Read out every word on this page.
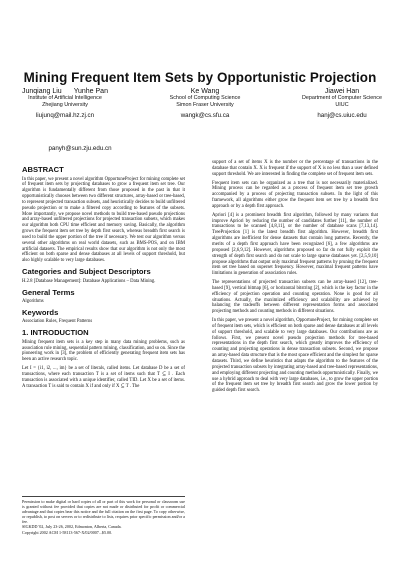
Mining Frequent Item Sets by Opportunistic Projection
Junqiang Liu Yunhe Pan
Institute of Artificial Intelligence
Zhejiang University
liujunq@mail.hz.zj.cn
Ke Wang
School of Computing Science
Simon Fraser University
wangk@cs.sfu.ca
Jiawei Han
Department of Computer Science
UIUC
hanj@cs.uiuc.edu
panyh@sun.zju.edu.cn
ABSTRACT

In this paper, we present a novel algorithm OpportuneProject for mining complete set of frequent item sets by projecting databases to grow a frequent item set tree. Our algorithm is fundamentally different from those proposed in the past in that it opportunistically chooses between two different structures, array-based or tree-based, to represent projected transaction subsets, and heuristically decides to build unfiltered pseudo projection or to make a filtered copy according to features of the subsets. More importantly, we propose novel methods to build tree-based pseudo projections and array-based unfiltered projections for projected transaction subsets, which makes our algorithm both CPU time efficient and memory saving. Basically, the algorithm grows the frequent item set tree by depth first search, whereas breadth first search is used to build the upper portion of the tree if necessary. We test our algorithm versus several other algorithms on real world datasets, such as BMS-POS, and on IBM artificial datasets. The empirical results show that our algorithm is not only the most efficient on both sparse and dense databases at all levels of support threshold, but also highly scalable to very large databases.

Categories and Subject Descriptors

H.2.8 [Database Management]: Database Applications – Data Mining.

General Terms

Algorithms

Keywords

Association Rules, Frequent Patterns

1. INTRODUCTION

Mining frequent item sets is a key step in many data mining problems, such as association rule mining, sequential pattern mining, classification, and so on. Since the pioneering work in [3], the problem of efficiently generating frequent item sets has been an active research topic.

Let I = {i1, i2, ..., im} be a set of literals, called items. Let database D be a set of transactions, where each transaction T is a set of items such that T ⊆ I . Each transaction is associated with a unique identifier, called TID. Let X be a set of items. A transaction T is said to contain X if and only if X ⊆ T . The

Permission to make digital or hard copies of all or part of this work for personal or classroom use is granted without fee provided that copies are not made or distributed for profit or commercial advantage and that copies bear this notice and the full citation on the first page. To copy otherwise, or republish, to post on servers or to redistribute to lists, requires prior specific permission and/or a fee.

SIGKDD '02, July 23-26, 2002, Edmonton, Alberta, Canada.

Copyright 2002 ACM 1-58113-567-X/02/0007...$5.00.

support of a set of items X is the number or the percentage of transactions in the database that contain X. X is frequent if the support of X is no less than a user defined support threshold. We are interested in finding the complete set of frequent item sets.

Frequent item sets can be organized as a tree that is not necessarily materialized. Mining process can be regarded as a process of frequent item set tree growth accompanied by a process of projecting transaction subsets. In the light of this framework, all algorithms either grow the frequent item set tree by a breadth first approach or by a depth first approach.

Apriori [4] is a prominent breadth first algorithm, followed by many variants that improve Apriori by reducing the number of candidates further [11], the number of transactions to be scanned [4,8,11], or the number of database scans [7,13,14]. TreeProjection [1] is the latest breadth first algorithm. However, breadth first algorithms are inefficient for dense datasets that contain long patterns. Recently, the merits of a depth first approach have been recognized [6], a few algorithms are proposed [2,6,9,12]. However, algorithms proposed so far do not fully exploit the strength of depth first search and do not scale to large sparse databases yet. [2,5,9,10] propose algorithms that output only maximal frequent patterns by pruning the frequent item set tree based on superset frequency. However, maximal frequent patterns have limitations in generation of association rules.

The representations of projected transaction subsets can be array-based [12], tree-based [9], vertical bitmap [6], or horizontal bitstring [2], which is the key factor in the efficiency of projection operation and counting operation. None is good for all situations. Actually, the maximized efficiency and scalability are achieved by balancing the tradeoffs between different representation forms and associated projecting methods and counting methods in different situations.

In this paper, we present a novel algorithm, OpportuneProject, for mining complete set of frequent item sets, which is efficient on both sparse and dense databases at all levels of support threshold, and scalable to very large databases. Our contributions are as follows. First, we present novel pseudo projection methods for tree-based representations in the depth first search, which greatly improves the efficiency of counting and projecting operations in dense transaction subsets. Second, we propose an array-based data structure that is the most space efficient and the simplest for sparse datasets. Third, we define heuristics that adapts the algorithm to the features of the projected transaction subsets by integrating array-based and tree-based representations, and employing different projecting and counting methods opportunistically. Finally, we use a hybrid approach to deal with very large databases, i.e., to grow the upper portion of the frequent item set tree by breadth first search and grow the lower portion by guided depth first search.
